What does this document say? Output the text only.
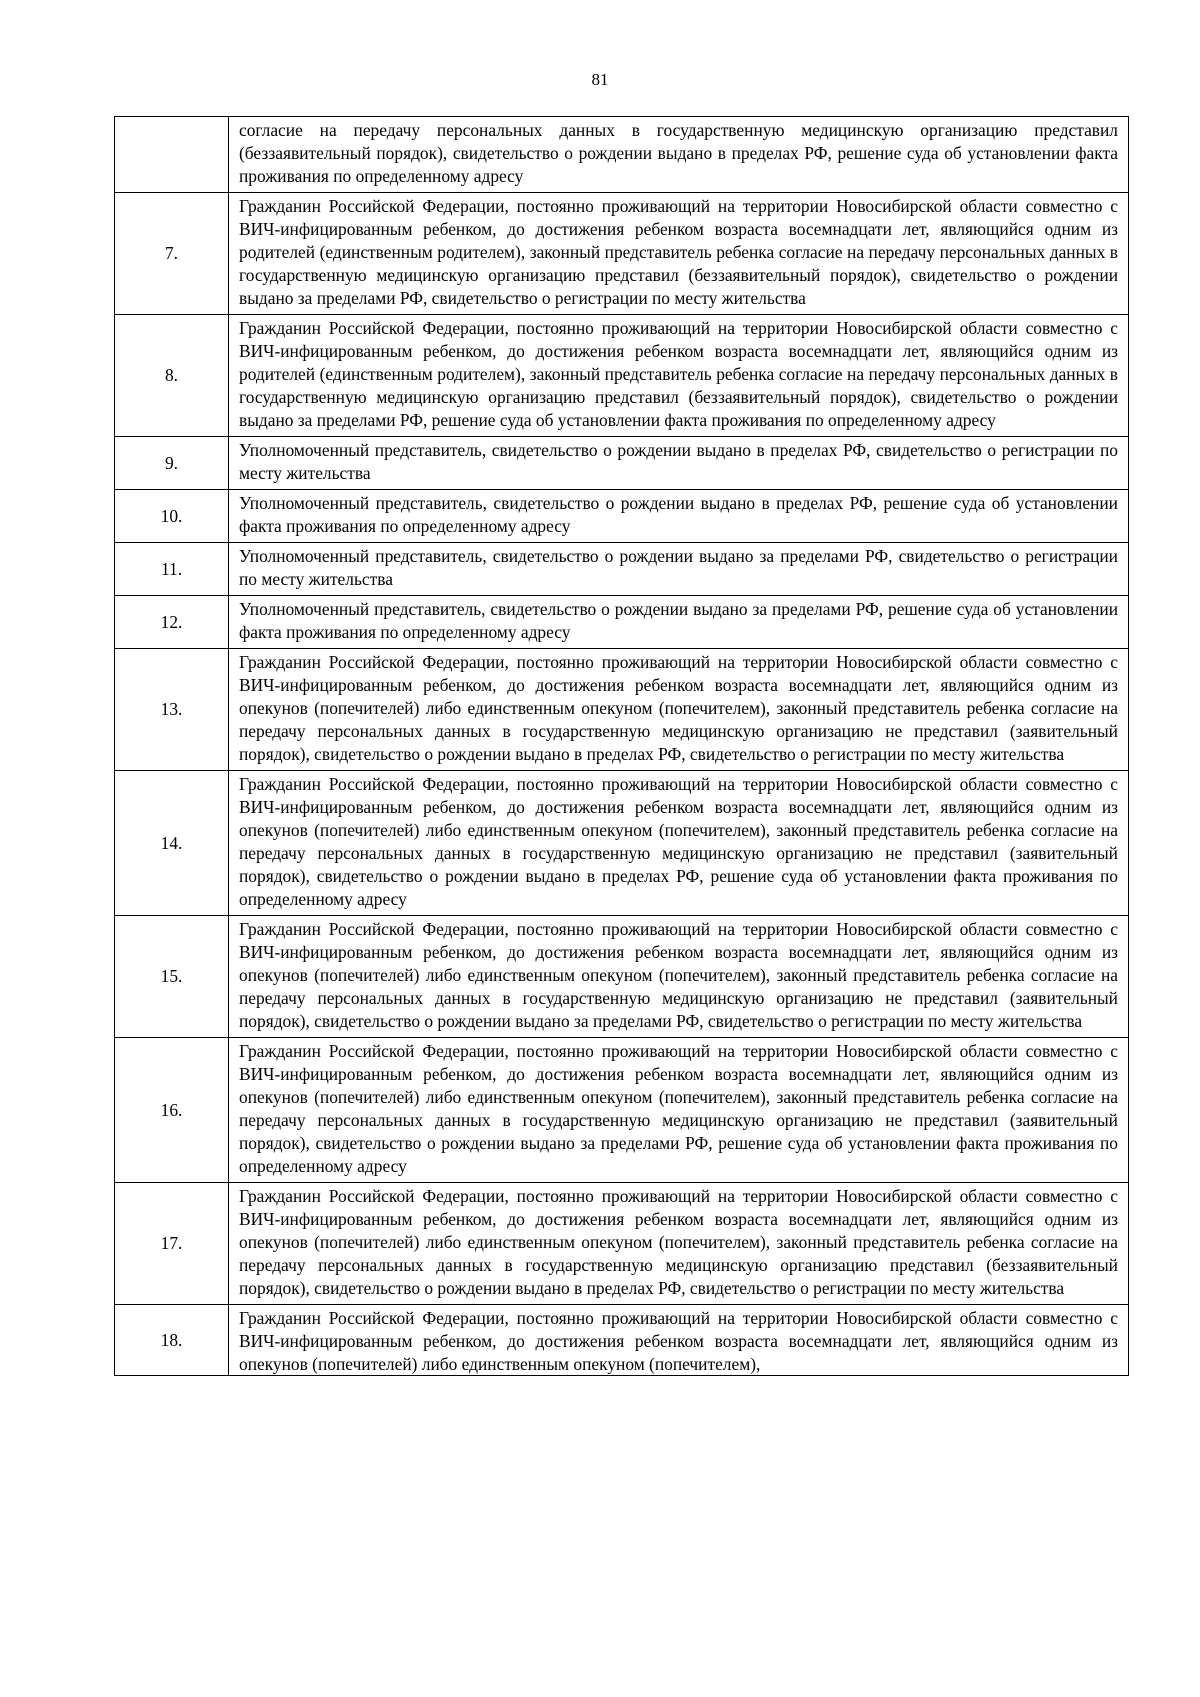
81
	согласие на передачу персональных данных в государственную медицинскую организацию представил (беззаявительный порядок), свидетельство о рождении выдано в пределах РФ, решение суда об установлении факта проживания по определенному адресу
7.	Гражданин Российской Федерации, постоянно проживающий на территории Новосибирской области совместно с ВИЧ-инфицированным ребенком, до достижения ребенком возраста восемнадцати лет, являющийся одним из родителей (единственным родителем), законный представитель ребенка согласие на передачу персональных данных в государственную медицинскую организацию представил (беззаявительный порядок), свидетельство о рождении выдано за пределами РФ, свидетельство о регистрации по месту жительства
8.	Гражданин Российской Федерации, постоянно проживающий на территории Новосибирской области совместно с ВИЧ-инфицированным ребенком, до достижения ребенком возраста восемнадцати лет, являющийся одним из родителей (единственным родителем), законный представитель ребенка согласие на передачу персональных данных в государственную медицинскую организацию представил (беззаявительный порядок), свидетельство о рождении выдано за пределами РФ, решение суда об установлении факта проживания по определенному адресу
9.	Уполномоченный представитель, свидетельство о рождении выдано в пределах РФ, свидетельство о регистрации по месту жительства
10.	Уполномоченный представитель, свидетельство о рождении выдано в пределах РФ, решение суда об установлении факта проживания по определенному адресу
11.	Уполномоченный представитель, свидетельство о рождении выдано за пределами РФ, свидетельство о регистрации по месту жительства
12.	Уполномоченный представитель, свидетельство о рождении выдано за пределами РФ, решение суда об установлении факта проживания по определенному адресу
13.	Гражданин Российской Федерации, постоянно проживающий на территории Новосибирской области совместно с ВИЧ-инфицированным ребенком, до достижения ребенком возраста восемнадцати лет, являющийся одним из опекунов (попечителей) либо единственным опекуном (попечителем), законный представитель ребенка согласие на передачу персональных данных в государственную медицинскую организацию не представил (заявительный порядок), свидетельство о рождении выдано в пределах РФ, свидетельство о регистрации по месту жительства
14.	Гражданин Российской Федерации, постоянно проживающий на территории Новосибирской области совместно с ВИЧ-инфицированным ребенком, до достижения ребенком возраста восемнадцати лет, являющийся одним из опекунов (попечителей) либо единственным опекуном (попечителем), законный представитель ребенка согласие на передачу персональных данных в государственную медицинскую организацию не представил (заявительный порядок), свидетельство о рождении выдано в пределах РФ, решение суда об установлении факта проживания по определенному адресу
15.	Гражданин Российской Федерации, постоянно проживающий на территории Новосибирской области совместно с ВИЧ-инфицированным ребенком, до достижения ребенком возраста восемнадцати лет, являющийся одним из опекунов (попечителей) либо единственным опекуном (попечителем), законный представитель ребенка согласие на передачу персональных данных в государственную медицинскую организацию не представил (заявительный порядок), свидетельство о рождении выдано за пределами РФ, свидетельство о регистрации по месту жительства
16.	Гражданин Российской Федерации, постоянно проживающий на территории Новосибирской области совместно с ВИЧ-инфицированным ребенком, до достижения ребенком возраста восемнадцати лет, являющийся одним из опекунов (попечителей) либо единственным опекуном (попечителем), законный представитель ребенка согласие на передачу персональных данных в государственную медицинскую организацию не представил (заявительный порядок), свидетельство о рождении выдано за пределами РФ, решение суда об установлении факта проживания по определенному адресу
17.	Гражданин Российской Федерации, постоянно проживающий на территории Новосибирской области совместно с ВИЧ-инфицированным ребенком, до достижения ребенком возраста восемнадцати лет, являющийся одним из опекунов (попечителей) либо единственным опекуном (попечителем), законный представитель ребенка согласие на передачу персональных данных в государственную медицинскую организацию представил (беззаявительный порядок), свидетельство о рождении выдано в пределах РФ, свидетельство о регистрации по месту жительства
18.	Гражданин Российской Федерации, постоянно проживающий на территории Новосибирской области совместно с ВИЧ-инфицированным ребенком, до достижения ребенком возраста восемнадцати лет, являющийся одним из опекунов (попечителей) либо единственным опекуном (попечителем),
